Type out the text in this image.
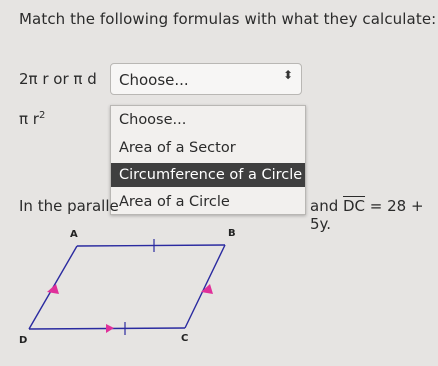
Match the following formulas with what they calculate:
2π r or π d
π $r^2$
Choose...	⬍
Choose...
Area of a Sector
Circumference of a Circle
Area of a Circle
In the paralle	and $\overline{DC} = 28 + 5y$.
A	B
C
D
